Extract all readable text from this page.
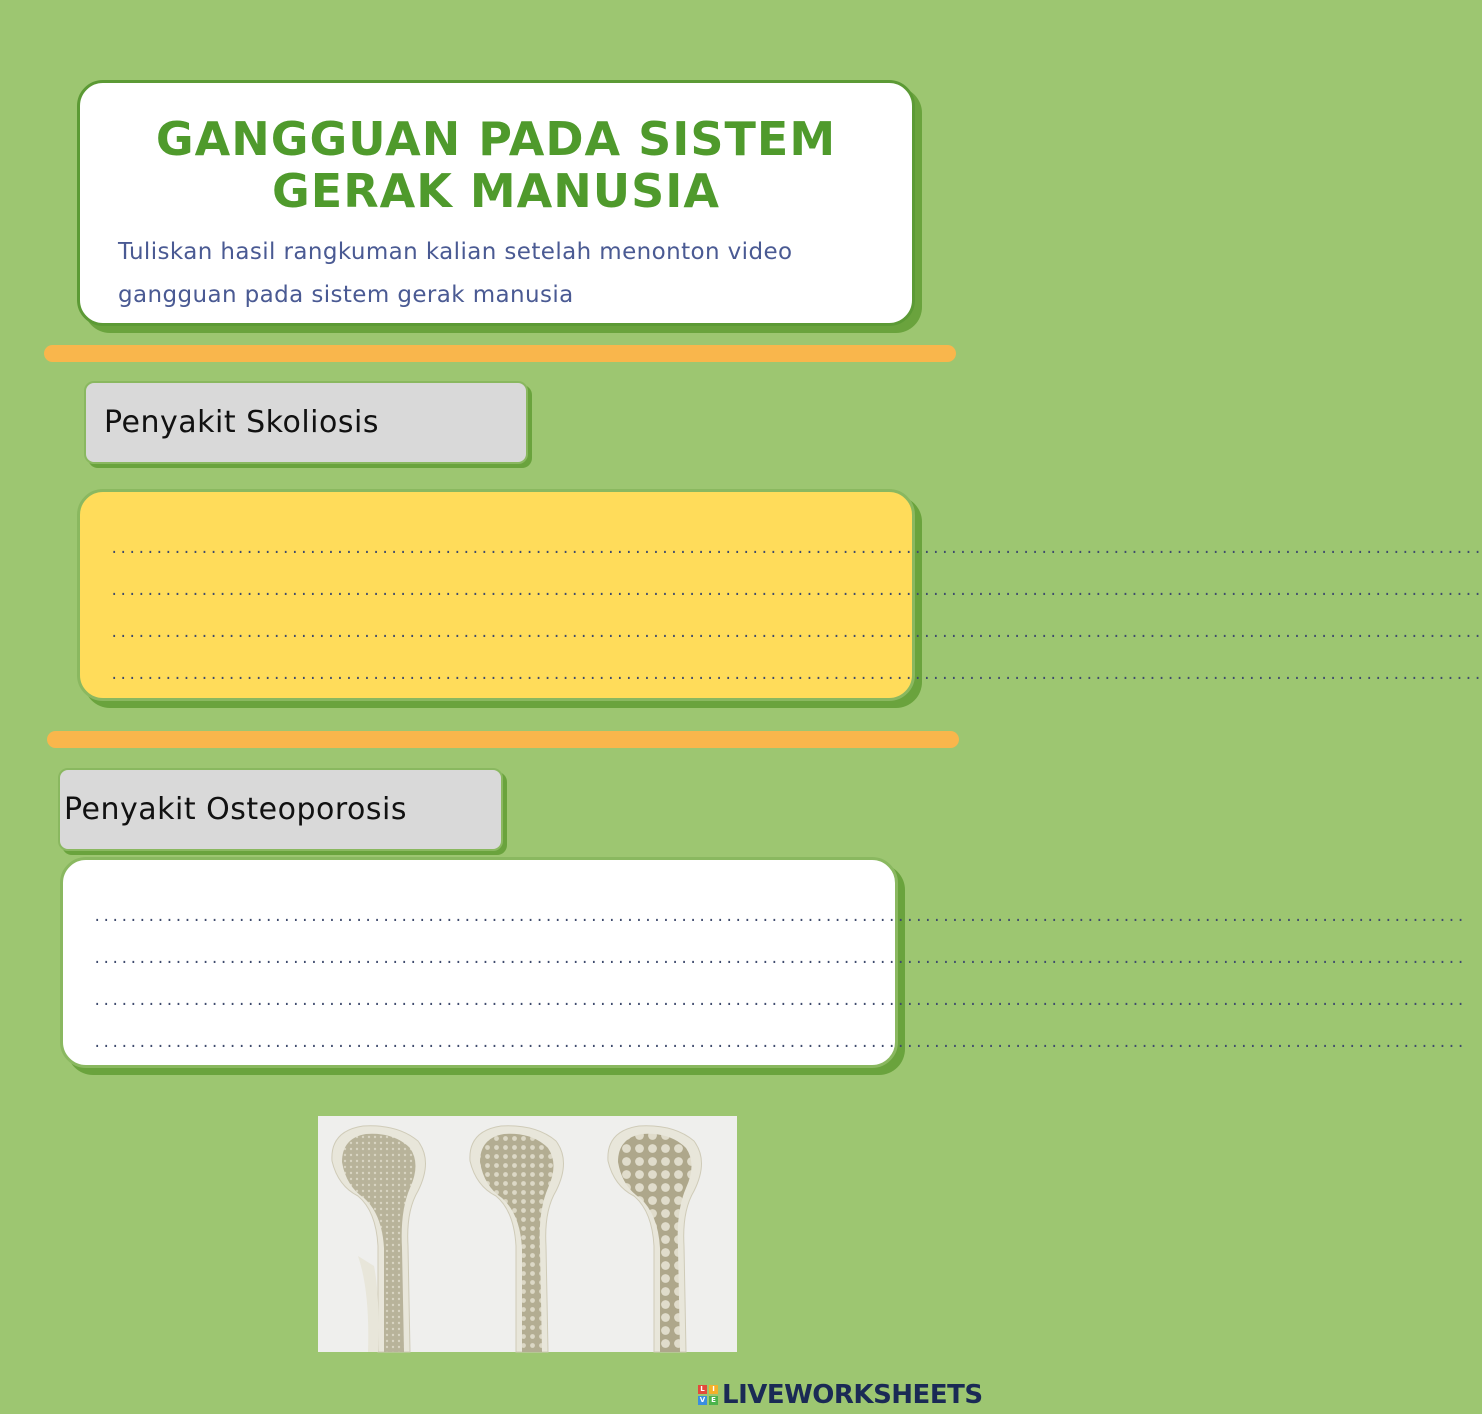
GANGGUAN PADA SISTEM
GERAK MANUSIA
Tuliskan hasil rangkuman kalian setelah menonton video
gangguan pada sistem gerak manusia
Penyakit Skoliosis
........................................................................................................................................................
........................................................................................................................................................
........................................................................................................................................................
........................................................................................................................................................
Penyakit Osteoporosis
........................................................................................................................................................
........................................................................................................................................................
........................................................................................................................................................
........................................................................................................................................................
L	I
V E LIVEWORKSHEETS
